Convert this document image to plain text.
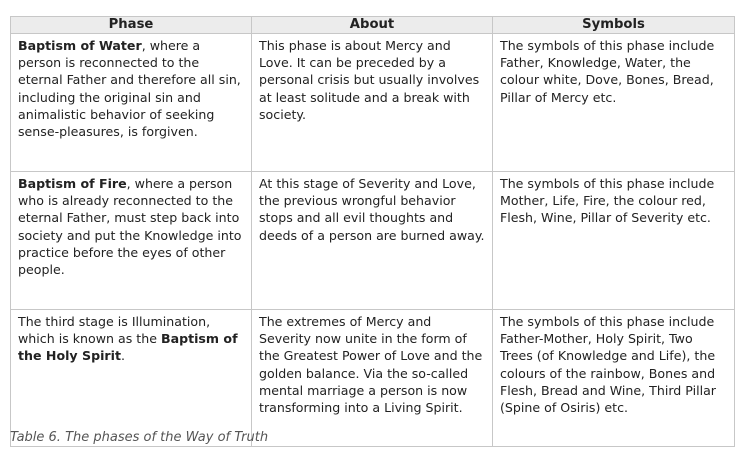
Phase	About	Symbols
Baptism of Water, where a person is reconnected to the eternal Father and therefore all sin, including the original sin and animalistic behavior of seeking sense-pleasures, is forgiven.	This phase is about Mercy and Love. It can be preceded by a personal crisis but usually involves at least solitude and a break with society.	The symbols of this phase include Father, Knowledge, Water, the colour white, Dove, Bones, Bread, Pillar of Mercy etc.
Baptism of Fire, where a person who is already reconnected to the eternal Father, must step back into society and put the Knowledge into practice before the eyes of other people.	At this stage of Severity and Love, the previous wrongful behavior stops and all evil thoughts and deeds of a person are burned away.	The symbols of this phase include Mother, Life, Fire, the colour red, Flesh, Wine, Pillar of Severity etc.
The third stage is Illumination, which is known as the Baptism of the Holy Spirit.	The extremes of Mercy and Severity now unite in the form of the Greatest Power of Love and the golden balance. Via the so-called mental marriage a person is now transforming into a Living Spirit.	The symbols of this phase include Father-Mother, Holy Spirit, Two Trees (of Knowledge and Life), the colours of the rainbow, Bones and Flesh, Bread and Wine, Third Pillar (Spine of Osiris) etc.
Table 6. The phases of the Way of Truth
